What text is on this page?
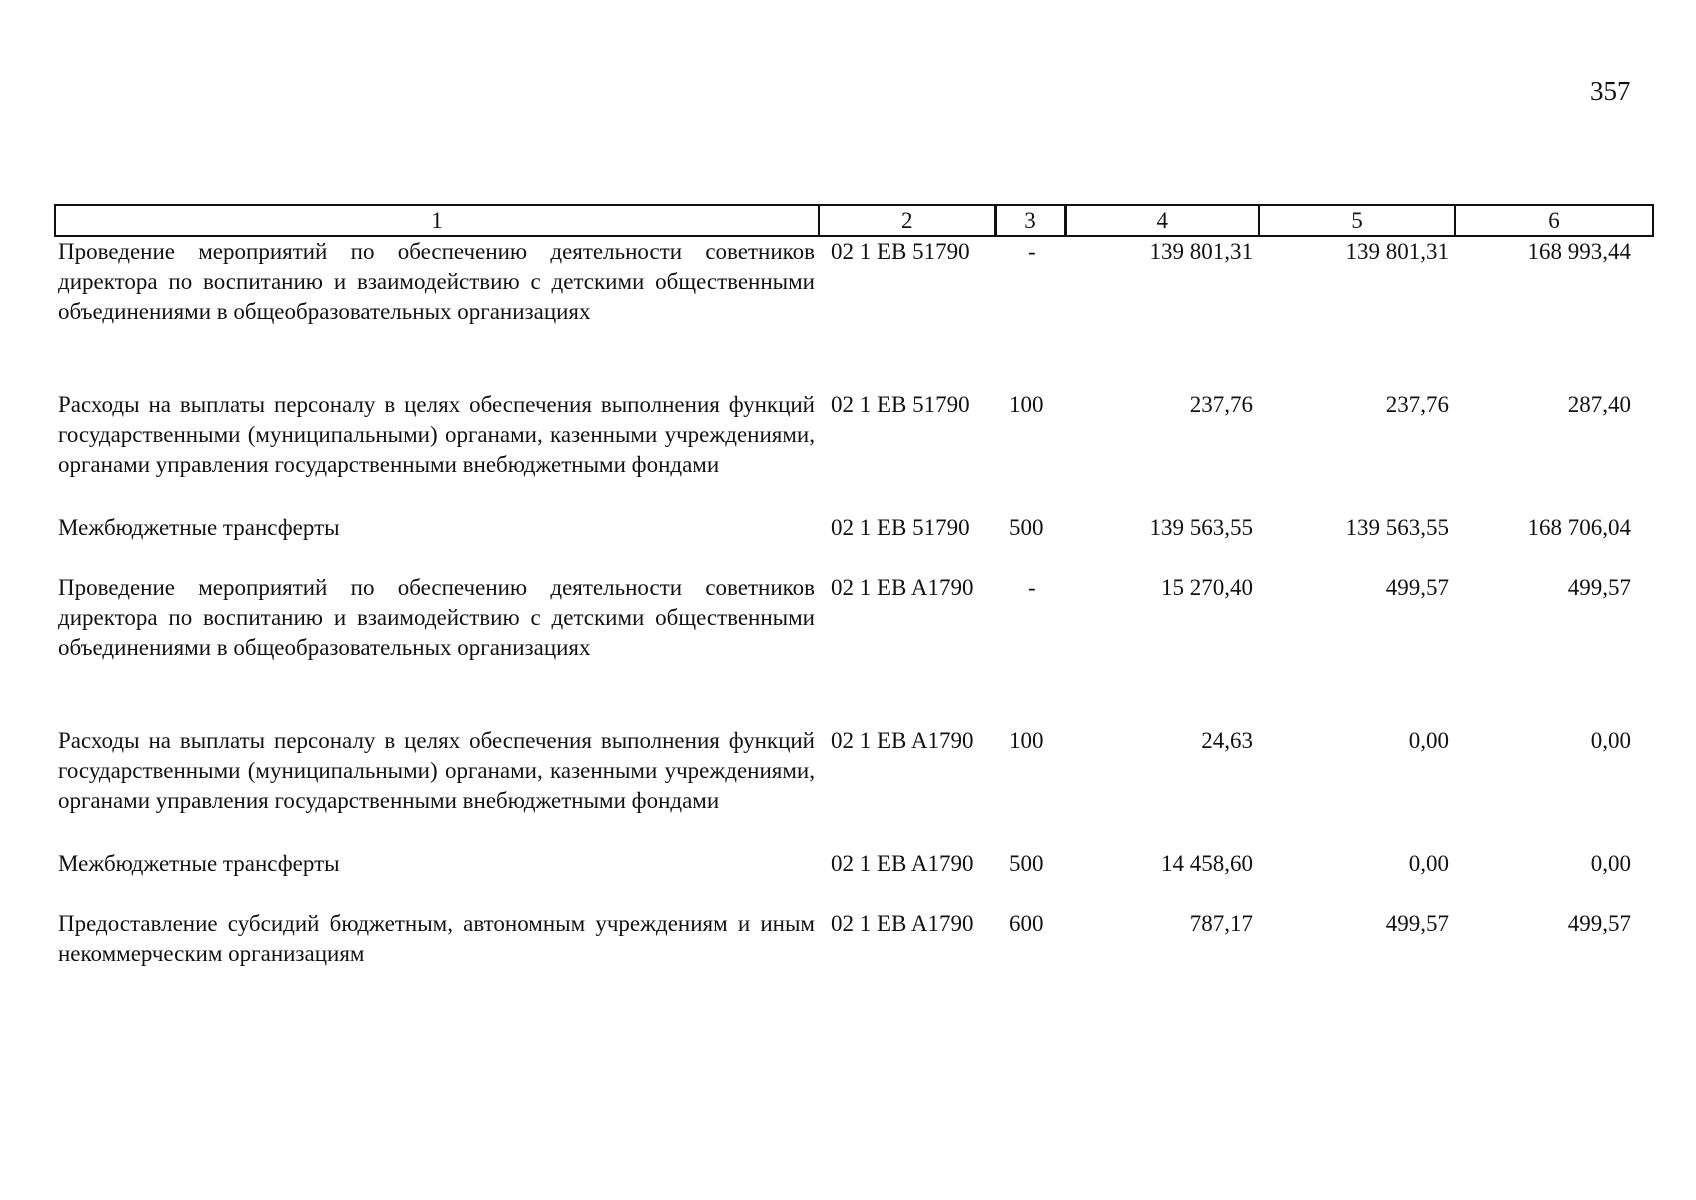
357
1	2	3	4	5	6
Проведение мероприятий по обеспечению деятельности советников директора по воспитанию и взаимодействию с детскими общественными объединениями в общеобразовательных организациях	02 1 EB 51790	-	139 801,31	139 801,31	168 993,44
Расходы на выплаты персоналу в целях обеспечения выполнения функций государственными (муниципальными) органами, казенными учреждениями, органами управления государственными внебюджетными фондами	02 1 EB 51790	100	237,76	237,76	287,40
Межбюджетные трансферты	02 1 EB 51790	500	139 563,55	139 563,55	168 706,04
Проведение мероприятий по обеспечению деятельности советников директора по воспитанию и взаимодействию с детскими общественными объединениями в общеобразовательных организациях	02 1 EB A1790	-	15 270,40	499,57	499,57
Расходы на выплаты персоналу в целях обеспечения выполнения функций государственными (муниципальными) органами, казенными учреждениями, органами управления государственными внебюджетными фондами	02 1 EB A1790	100	24,63	0,00	0,00
Межбюджетные трансферты	02 1 EB A1790	500	14 458,60	0,00	0,00
Предоставление субсидий бюджетным, автономным учреждениям и иным некоммерческим организациям	02 1 EB A1790	600	787,17	499,57	499,57
